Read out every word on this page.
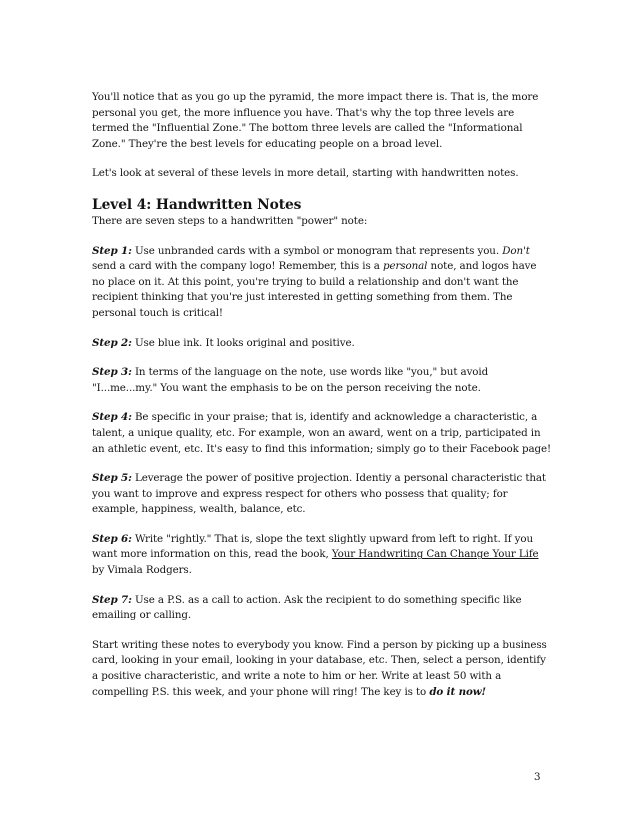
You'll notice that as you go up the pyramid, the more impact there is. That is, the more personal you get, the more influence you have. That's why the top three levels are termed the "Influential Zone." The bottom three levels are called the "Informational Zone." They're the best levels for educating people on a broad level.

Let's look at several of these levels in more detail, starting with handwritten notes.

Level 4: Handwritten Notes

There are seven steps to a handwritten "power" note:

Step 1: Use unbranded cards with a symbol or monogram that represents you. Don't send a card with the company logo! Remember, this is a personal note, and logos have no place on it. At this point, you're trying to build a relationship and don't want the recipient thinking that you're just interested in getting something from them. The personal touch is critical!

Step 2: Use blue ink. It looks original and positive.

Step 3: In terms of the language on the note, use words like "you," but avoid "I...me...my." You want the emphasis to be on the person receiving the note.

Step 4: Be specific in your praise; that is, identify and acknowledge a characteristic, a talent, a unique quality, etc. For example, won an award, went on a trip, participated in an athletic event, etc. It's easy to find this information; simply go to their Facebook page!

Step 5: Leverage the power of positive projection. Identiy a personal characteristic that you want to improve and express respect for others who possess that quality; for example, happiness, wealth, balance, etc.

Step 6: Write "rightly." That is, slope the text slightly upward from left to right. If you want more information on this, read the book, Your Handwriting Can Change Your Life by Vimala Rodgers.

Step 7: Use a P.S. as a call to action. Ask the recipient to do something specific like emailing or calling.

Start writing these notes to everybody you know. Find a person by picking up a business card, looking in your email, looking in your database, etc. Then, select a person, identify a positive characteristic, and write a note to him or her. Write at least 50 with a compelling P.S. this week, and your phone will ring! The key is to do it now!

3
